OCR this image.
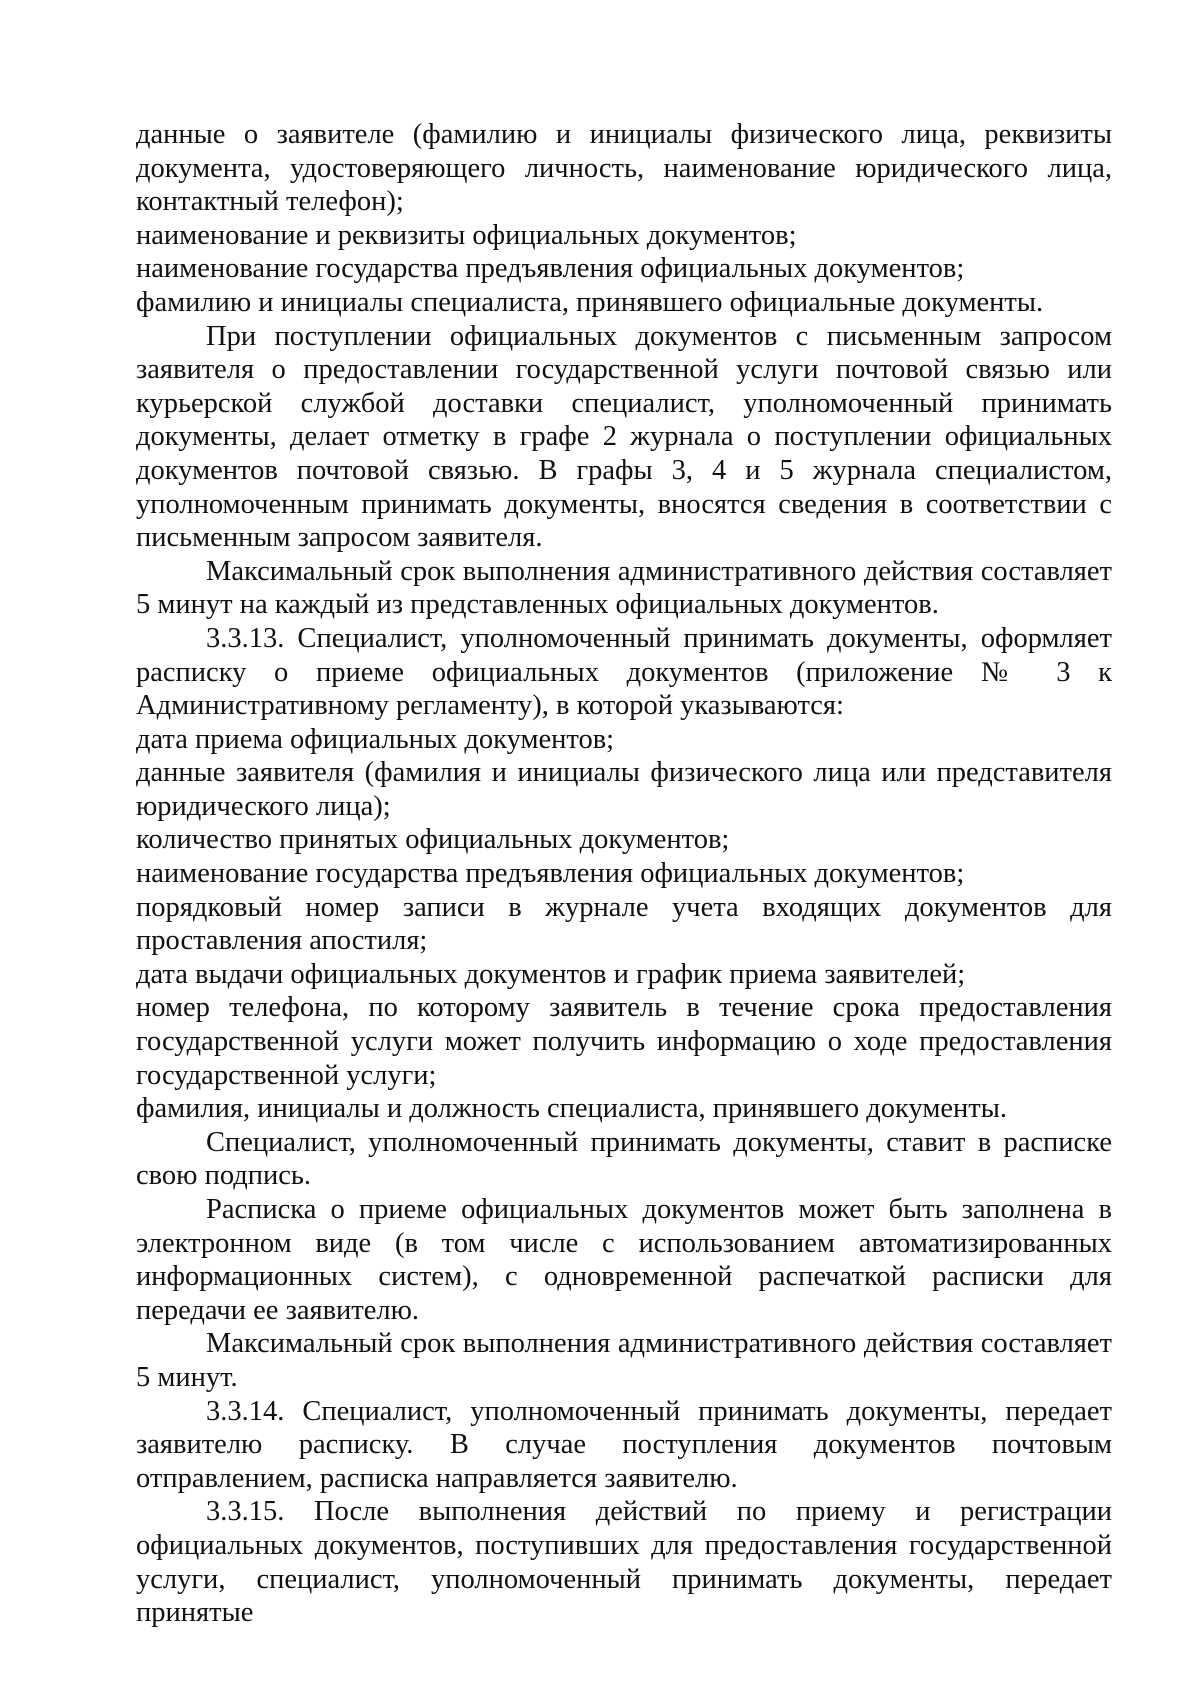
данные о заявителе (фамилию и инициалы физического лица, реквизиты документа, удостоверяющего личность, наименование юридического лица, контактный телефон);

наименование и реквизиты официальных документов;

наименование государства предъявления официальных документов;

фамилию и инициалы специалиста, принявшего официальные документы.

При поступлении официальных документов с письменным запросом заявителя о предоставлении государственной услуги почтовой связью или курьерской службой доставки специалист, уполномоченный принимать документы, делает отметку в графе 2 журнала о поступлении официальных документов почтовой связью. В графы 3, 4 и 5 журнала специалистом, уполномоченным принимать документы, вносятся сведения в соответствии с письменным запросом заявителя.

Максимальный срок выполнения административного действия составляет 5 минут на каждый из представленных официальных документов.

3.3.13. Специалист, уполномоченный принимать документы, оформляет расписку о приеме официальных документов (приложение № 3 к Административному регламенту), в которой указываются:

дата приема официальных документов;

данные заявителя (фамилия и инициалы физического лица или представителя юридического лица);

количество принятых официальных документов;

наименование государства предъявления официальных документов;

порядковый номер записи в журнале учета входящих документов для проставления апостиля;

дата выдачи официальных документов и график приема заявителей;

номер телефона, по которому заявитель в течение срока предоставления государственной услуги может получить информацию о ходе предоставления государственной услуги;

фамилия, инициалы и должность специалиста, принявшего документы.

Специалист, уполномоченный принимать документы, ставит в расписке свою подпись.

Расписка о приеме официальных документов может быть заполнена в электронном виде (в том числе с использованием автоматизированных информационных систем), с одновременной распечаткой расписки для передачи ее заявителю.

Максимальный срок выполнения административного действия составляет 5 минут.

3.3.14. Специалист, уполномоченный принимать документы, передает заявителю расписку. В случае поступления документов почтовым отправлением, расписка направляется заявителю.

3.3.15. После выполнения действий по приему и регистрации официальных документов, поступивших для предоставления государственной услуги, специалист, уполномоченный принимать документы, передает принятые
